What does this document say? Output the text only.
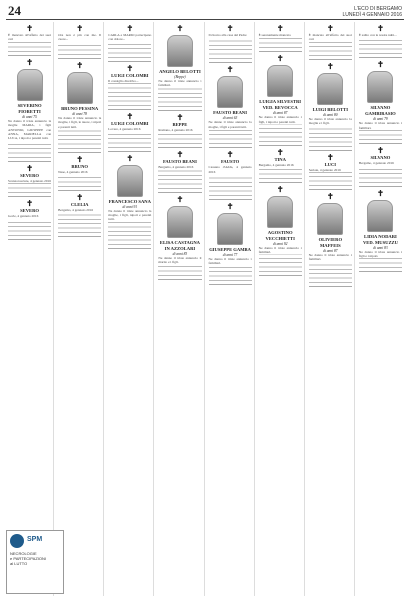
24	L'ECO DI BERGAMO
LUNEDÌ 4 GENNAIO 2016
✝
È mancato all'affetto dei suoi cari
✝
SEVERINO FIORETTI
di anni 75
Ne danno il triste annuncio la moglie MARIA, i figli ANTONIO, GIUSEPPE con ANNA, MARIELLA con LUCA, i nipoti e parenti tutti.
✝
SEVERO
Scanzorosciate, 4 gennaio 2016
✝
SEVERO
Gorle, 4 gennaio 2016
✝
Ora non è più con me. Il cuore...
✝
BRUNO PESSINA
di anni 78
Ne danno il triste annuncio la moglie, i figli, le nuore, i nipoti e parenti tutti.
✝
BRUNO
Nese, 4 gennaio 2016
✝
CLELIA
Bergamo, 4 gennaio 2016
✝
CARLA e MARIO partecipano con dolore...
✝
LUIGI COLOMBI
Il consiglio direttivo...
✝
LUIGI COLOMBI
Lovere, 4 gennaio 2016
✝
FRANCESCO SANA
di anni 91
Ne danno il triste annuncio la moglie, i figli, nipoti e parenti tutti.
✝
ANGELO BELOTTI
(Beppe)
Ne danno il triste annuncio i familiari.
✝
BEPPE
Romano, 4 gennaio 2016
✝
FAUSTO BEANI
Bergamo, 4 gennaio 2016
✝
ELISA CASTAGNA IN AZZOLARI
di anni 83
Ne danno il triste annuncio il marito e i figli.
✝
Il ritorno alla casa del Padre
✝
FAUSTO BEANI
di anni 63
Ne danno il triste annuncio la moglie, i figli e parenti tutti.
✝
FAUSTO
Cassano d'Adda, 4 gennaio 2016
✝
GIUSEPPE GAMBA
di anni 77
Ne danno il triste annuncio i familiari.
✝
È serenamente mancata
✝
LUIGIA SILVESTRI VED. REVOCCA
di anni 87
Ne danno il triste annuncio i figli, i nipoti e parenti tutti.
✝
TINA
Bergamo, 4 gennaio 2016
✝
AGOSTINO VECCHIETTI
di anni 92
Ne danno il triste annuncio i familiari.
✝
È mancato all'affetto dei suoi cari
✝
LUIGI BELOTTI
di anni 80
Ne danno il triste annuncio la moglie e i figli.
✝
LUCI
Seriate, 4 gennaio 2016
✝
OLIVIERO MAFFEIS
di anni 87
Ne danno il triste annuncio i familiari.
✝
È salito con le nostre nubi...
✝
SILVANO GAMBIRASIO
di anni 79
Ne danno il triste annuncio i familiari.
✝
SILVANO
Bergamo, 4 gennaio 2016
✝
LIDIA NODARI VED. MUSUZZU
di anni 83
Ne danno il triste annuncio i figli e i nipoti.
SPM
NECROLOGIE
e PARTECIPAZIONI
al LUTTO
